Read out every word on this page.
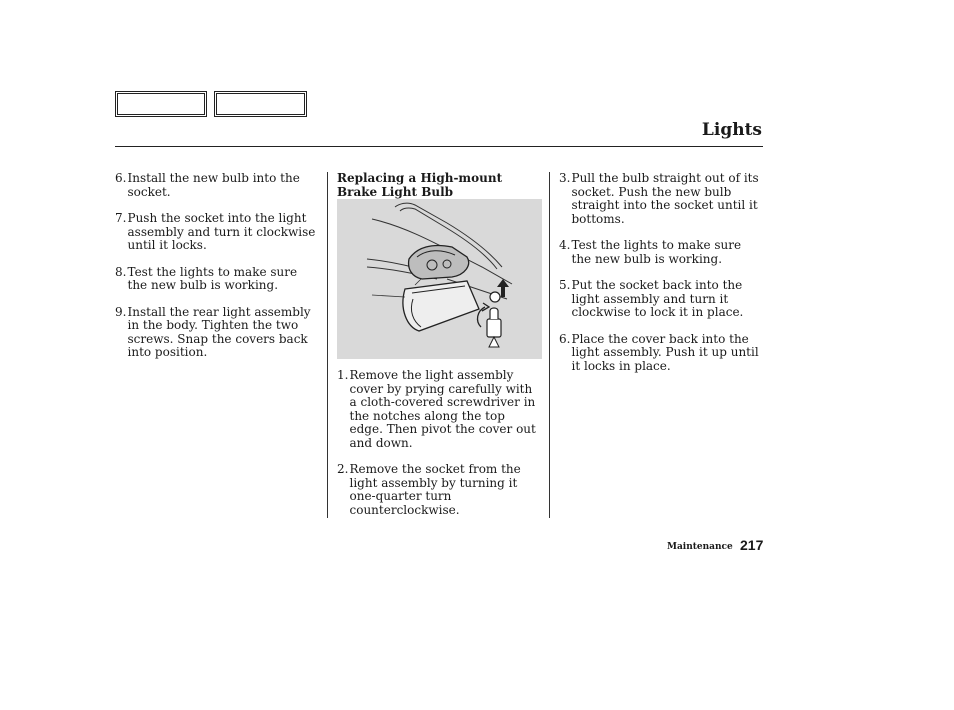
Lights
6. Install the new bulb into the socket.
7. Push the socket into the light assembly and turn it clockwise until it locks.
8. Test the lights to make sure the new bulb is working.
9. Install the rear light assembly in the body. Tighten the two screws. Snap the covers back into position.
Replacing a High-mount Brake Light Bulb
1. Remove the light assembly cover by prying carefully with a cloth-covered screwdriver in the notches along the top edge. Then pivot the cover out and down.
2. Remove the socket from the light assembly by turning it one-quarter turn counterclockwise.
3. Pull the bulb straight out of its socket. Push the new bulb straight into the socket until it bottoms.
4. Test the lights to make sure the new bulb is working.
5. Put the socket back into the light assembly and turn it clockwise to lock it in place.
6. Place the cover back into the light assembly. Push it up until it locks in place.
Maintenance 217
